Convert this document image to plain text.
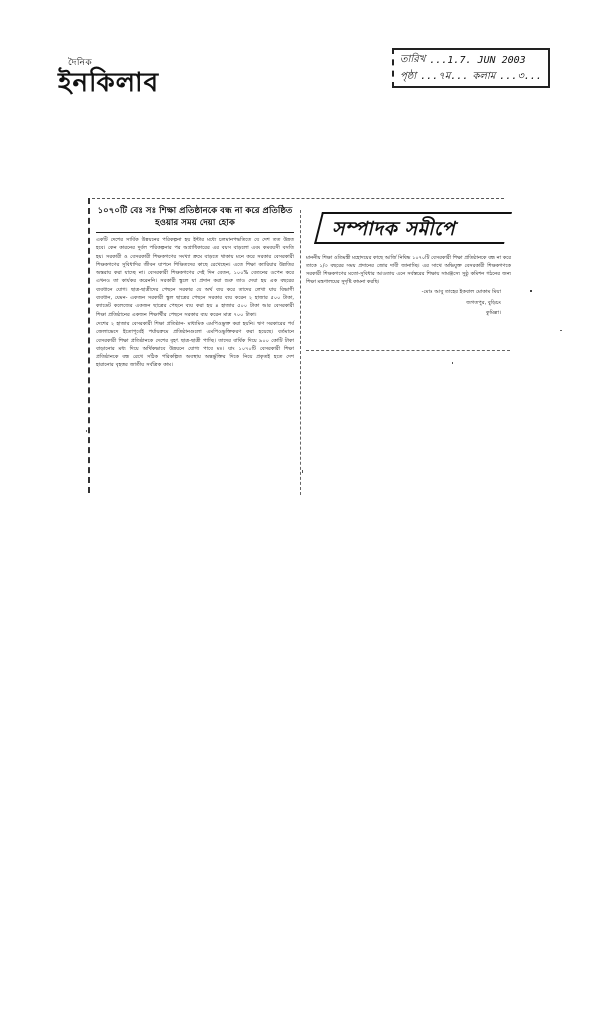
দৈনিক
ইনকিলাব
তারিখ ...1.7. JUN 2003
পৃষ্ঠা ...৭ম... কলাম ...৩...
১০৭০টি বেঃ সঃ শিক্ষা প্রতিষ্ঠানকে বন্ধ না করে প্রতিষ্ঠিত হওয়ার সময় দেয়া হোক

একটি দেশের সার্বিক উন্নয়নের পরিকল্পনা হয় ইন্টার মধ্যে চলমানপদ্ধতিতে যে দেশ তত উন্নত হবে। কেন কারনের দুর্বল পরিকল্পনার পর অগ্রাধিকারের এর বয়স বাড়লো এবং কমবয়সী বসতি হয়। সরকারী ও বেসরকারী শিক্ষকগণের সংখ্যা ক্রমে বাড়তে থাকায় মনে করে সরকার বেসরকারী শিক্ষকগণের সুবিধাদির জীবন যাপনে শিক্ষিতদের কাছে রেখেছেন। এতে শিক্ষা ক্যারিয়ার উন্নতির অন্তরায় করা যাচ্ছে না। বেসরকারী শিক্ষকগণের দেই দিন বেতন, ১০০% বেতনের ওপেন করে এখনও তা কার্যকর করেননি। সরকারী স্কুলে যা প্রদান করা শুরু তাও দেয়া হয় এক বছরের ব্যবধানে যোগ। ছাত্র-ছাত্রীদের পেছনে সরকার যে অর্থ ব্যয় করে তাদের লেখা যায় বিভাগী ব্যবধান, যেমন- একজন সরকারী স্কুল ছাত্রের পেছনে সরকার ব্যয় করেন ২ হাজার ৫০০ টাকা, ক্যাডেট কলেজের একজন ছাত্রের পেছনে ব্যয় করা হয় ৪ হাজার ৫০০ টাকা আর বেসরকারী শিক্ষা প্রতিষ্ঠানের একজন শিক্ষার্থীর পেছনে সরকার ব্যয় করেন মাত্র ৭০০ টাকা।

দেশের ২ হাজার বেসরকারী শিক্ষা প্রতিষ্ঠান- মাধ্যমিক এমপিওভুক্ত করা হয়নি। ঋণ সরকারের পর্ব জেলাভেদে ইতোপূর্বেই পর্যায়ক্রমে প্রতিষ্ঠানগুলো এমপিওভুক্তিকরণ করা হয়েছে। বর্তমানে বেসরকারী শিক্ষা প্রতিষ্ঠানকে দেশের বৃহৎ ছাত্র-ছাত্রী পাচ্ছি। তাদের বার্ষিক দিয়ে ৯০০ কোটি টাকা বাড়ানোর মধ্য দিয়ে অর্থিকভাবে উন্নয়নে যোগ্য পাবে মঃ। যাং ১০৭০টি বেসরকারী শিক্ষা প্রতিষ্ঠানকে বন্ধ রেখে সঠিক পরিকল্পিত অবস্থায় অন্তর্ভুক্তির দিকে নিয়ে প্রকৃতই হতে দেশ হারানোর বৃহত্তর জাতীয় সর্বত্রিক কাম।

সম্পাদক সমীপে

মাননীয় শিক্ষা ওতিমন্ত্রী মহোদয়ের কাছে আর্জি নিষিদ্ধ ১০৭০টি বেসরকারী শিক্ষা প্রতিষ্ঠানকে বন্ধ না করে তাকে ১/৩ বছরের সময় প্রদানের জোর দাবী জানাচ্ছি। এর সাথে অভিযুক্ত বেসরকারী শিক্ষকগণকে সরকারী শিক্ষকগণের মতো-সুবিধার আওতায় এনে সর্বস্তরের শিক্ষায় সামঞ্জস্যে সুষ্ঠু কমিশন গঠনের জন্য শিক্ষা মন্ত্রণালয়ের সুদৃষ্টি কামনা করছি।

-মোঃ আবু তাহের ইকবাল মোকাম মিয়া
জগতপুর, বুড়িচং
কুমিল্লা।
